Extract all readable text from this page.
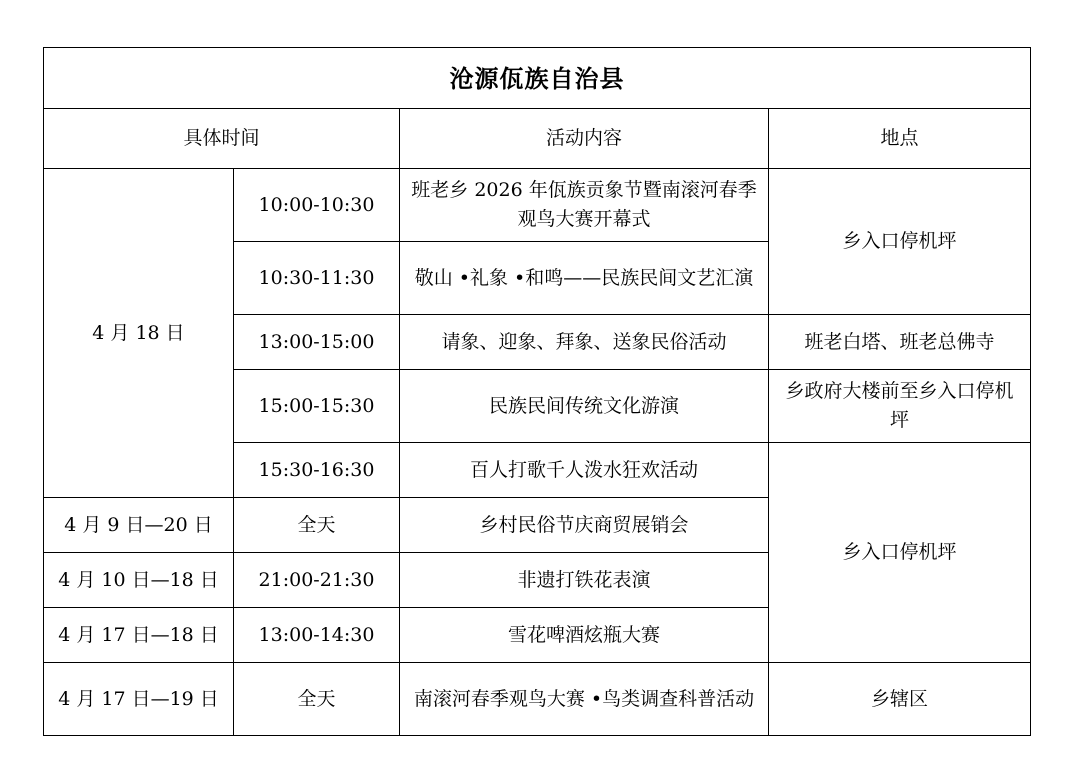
沧源佤族自治县			
具体时间		活动内容	地点
4 月 18 日	10:00-10:30	班老乡 2026 年佤族贡象节暨南滚河春季观鸟大赛开幕式	乡入口停机坪
	10:30-11:30	敬山 •礼象 •和鸣——民族民间文艺汇演	
	13:00-15:00	请象、迎象、拜象、送象民俗活动	班老白塔、班老总佛寺
	15:00-15:30	民族民间传统文化游演	乡政府大楼前至乡入口停机坪
	15:30-16:30	百人打歌千人泼水狂欢活动	乡入口停机坪
4 月 9 日—20 日	全天	乡村民俗节庆商贸展销会	
4 月 10 日—18 日	21:00-21:30	非遗打铁花表演	
4 月 17 日—18 日	13:00-14:30	雪花啤酒炫瓶大赛	
4 月 17 日—19 日	全天	南滚河春季观鸟大赛 •鸟类调查科普活动	乡辖区
